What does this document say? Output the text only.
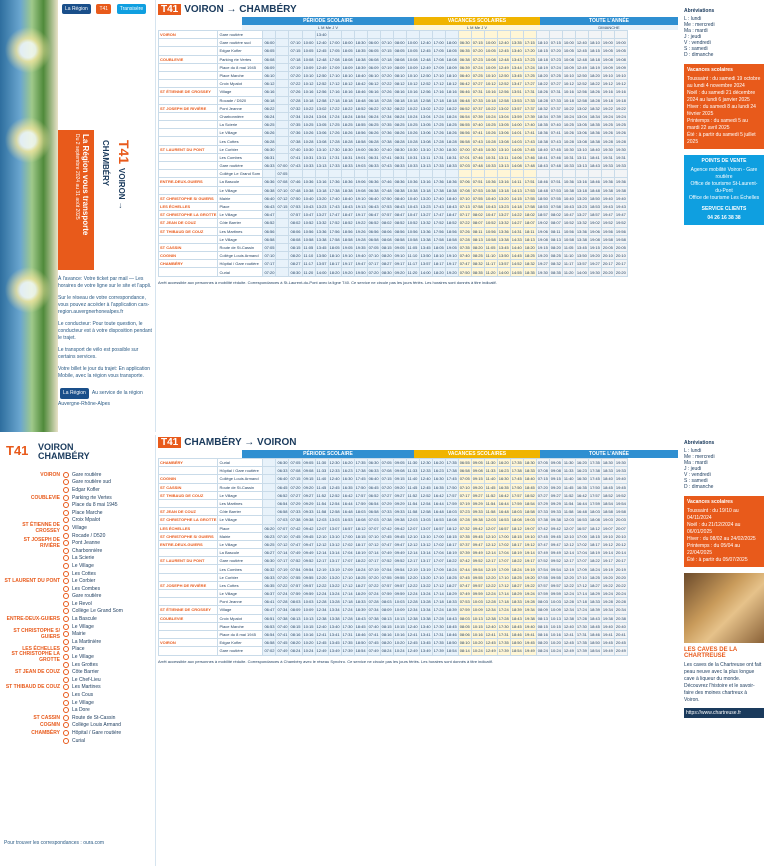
La Région T41 Transisère
La Région vous transporte
Du 2 septembre 2024 au 31 août 2025	T41 VOIRON → CHAMBÉRY

À l'avance: Votre ticket par mail — Les horaires de votre ligne sur le site et l'appli.

Sur le réseau de votre correspondance, vous pouvez accéder à l'application cars-region.auvergnerhonealpes.fr

Le conducteur: Pour toute question, le conducteur est à votre disposition pendant le trajet.

Le transport de vélo est possible sur certains services.

Votre billet le jour du trajet: En application Mobile, avec la région vous transporte.

La Région Au service de la région Auvergne-Rhône-Alpes

T41 VOIRON
CHAMBÉRY
VOIRON	Gare routière
Gare routière sud
Edgar Kofler
COUBLEVIE	Parking rte Vertes
Place du 8 mai 1945
Place Marche
Croix Mpalot
ST ÉTIENNE DE CROSSEY	Village
Rocade / D520
ST JOSEPH DE RIVIÈRE	Pont Jeanne
Charbonnière
La Scierie
Le Village
Les Cottes
ST LAURENT DU PONT	Le Corbier
Les Combes
Gare routière
Le Revol
Collège Le Grand Som
ENTRE-DEUX-GUIERS	La Bascule
Le Village
ST CHRISTOPHE S/ GUIERS	Mairie
La Martinière
LES ÉCHELLES	Place
ST CHRISTOPHE LA GROTTE	Le Village
Les Grottes
ST JEAN DE COUZ	Côte Barrier
Le Chef-Lieu
ST THIBAUD DE COUZ	Les Martines
Les Cous
Le Village
La Dore
ST CASSIN	Route de St-Cassin
COGNIN	Collège Louis Armand
CHAMBÉRY	Hôpital / Gare routière
Curial
Pour trouver les correspondances : oura.com
T41 VOIRON → CHAMBÉRY
PÉRIODE SCOLAIRE	VACANCES SCOLAIRES	TOUTE L'ANNÉE
L M Me J V	L M Me J V	DIMANCHE
VOIRON	Gare routière					13:40																							
	Gare routière sud	06:00		07:10	10:00	12:40	17:00	18:00	18:30	06:00	07:10	08:00	10:00	12:40	17:00	18:00	06:30	07:15	10:00	12:40	13:35	17:15	18:10	07:15	10:00	12:40	18:10	19:00	19:00
	Edgar Kofler	06:05		07:15	10:05	12:45	17:05	18:05	18:35	06:05	07:15	08:05	10:05	12:45	17:05	18:05	06:35	07:20	10:05	12:45	13:40	17:20	18:15	07:20	10:05	12:45	18:15	19:05	19:05
COUBLEVIE	Parking rte Vertes	06:08		07:18	10:08	12:48	17:08	18:08	18:38	06:08	07:18	08:08	10:08	12:48	17:08	18:08	06:38	07:23	10:08	12:48	13:43	17:23	18:18	07:23	10:08	12:48	18:18	19:08	19:08
	Place du 8 mai 1945	06:09		07:19	10:09	12:49	17:09	18:09	18:39	06:09	07:19	08:09	10:09	12:49	17:09	18:09	06:39	07:24	10:09	12:49	13:44	17:24	18:19	07:24	10:09	12:49	18:19	19:09	19:09
	Place Marche	06:10		07:20	10:10	12:50	17:10	18:10	18:40	06:10	07:20	08:10	10:10	12:50	17:10	18:10	06:40	07:25	10:10	12:50	13:45	17:25	18:20	07:25	10:10	12:50	18:20	19:10	19:10
	Croix Mpalot	06:12		07:22	10:12	12:52	17:12	18:12	18:42	06:12	07:22	08:12	10:12	12:52	17:12	18:12	06:42	07:27	10:12	12:52	13:47	17:27	18:22	07:27	10:12	12:52	18:22	19:12	19:12
ST ÉTIENNE DE CROSSEY	Village	06:16		07:26	10:16	12:56	17:16	18:16	18:46	06:16	07:26	08:16	10:16	12:56	17:16	18:16	06:46	07:31	10:16	12:56	13:51	17:31	18:26	07:31	10:16	12:56	18:26	19:16	19:16
	Rocade / D520	06:18		07:28	10:18	12:58	17:18	18:18	18:48	06:18	07:28	08:18	10:18	12:58	17:18	18:18	06:48	07:33	10:18	12:58	13:53	17:33	18:28	07:33	10:18	12:58	18:28	19:18	19:18
ST JOSEPH DE RIVIÈRE	Pont Jeanne	06:22		07:32	10:22	13:02	17:22	18:22	18:52	06:22	07:32	08:22	10:22	13:02	17:22	18:22	06:52	07:37	10:22	13:02	13:57	17:37	18:32	07:37	10:22	13:02	18:32	19:22	19:22
	Charbonnière	06:24		07:34	10:24	13:04	17:24	18:24	18:54	06:24	07:34	08:24	10:24	13:04	17:24	18:24	06:54	07:39	10:24	13:04	13:59	17:39	18:34	07:39	10:24	13:04	18:34	19:24	19:24
	La Scierie	06:25		07:35	10:25	13:05	17:25	18:25	18:55	06:25	07:35	08:25	10:25	13:05	17:25	18:25	06:55	07:40	10:25	13:05	14:00	17:40	18:35	07:40	10:25	13:05	18:35	19:25	19:25
	Le Village	06:26		07:36	10:26	13:06	17:26	18:26	18:56	06:26	07:36	08:26	10:26	13:06	17:26	18:26	06:56	07:41	10:26	13:06	14:01	17:41	18:36	07:41	10:26	13:06	18:36	19:26	19:26
	Les Cottes	06:28		07:38	10:28	13:08	17:28	18:28	18:58	06:28	07:38	08:28	10:28	13:08	17:28	18:28	06:58	07:43	10:28	13:08	14:03	17:43	18:38	07:43	10:28	13:08	18:38	19:28	19:28
ST LAURENT DU PONT	Le Corbier	06:30		07:40	10:30	13:10	17:30	18:30	19:00	06:30	07:40	08:30	10:30	13:10	17:30	18:30	07:00	07:45	10:30	13:10	14:05	17:45	18:40	07:45	10:30	13:10	18:40	19:30	19:30
	Les Combes	06:31		07:41	10:31	13:11	17:31	18:31	19:01	06:31	07:41	08:31	10:31	13:11	17:31	18:31	07:01	07:46	10:31	13:11	14:06	17:46	18:41	07:46	10:31	13:11	18:41	19:31	19:31
	Gare routière	06:33	07:00	07:43	10:33	13:13	17:33	18:33	19:03	06:33	07:43	08:33	10:33	13:13	17:33	18:33	07:03	07:48	10:33	13:13	14:08	17:48	18:43	07:48	10:33	13:13	18:43	19:33	19:33
	Collège Le Grand Som		07:05																										
ENTRE-DEUX-GUIERS	La Bascule	06:36	07:08	07:46	10:36	13:16	17:36	18:36	19:06	06:36	07:46	08:36	10:36	13:16	17:36	18:36	07:06	07:51	10:36	13:16	14:11	17:51	18:46	07:51	10:36	13:16	18:46	19:36	19:36
	Le Village	06:38	07:10	07:48	10:38	13:18	17:38	18:38	19:08	06:38	07:48	08:38	10:38	13:18	17:38	18:38	07:08	07:53	10:38	13:18	14:13	17:53	18:48	07:53	10:38	13:18	18:48	19:38	19:38
ST CHRISTOPHE S/ GUIERS	Mairie	06:40	07:12	07:50	10:40	13:20	17:40	18:40	19:10	06:40	07:50	08:40	10:40	13:20	17:40	18:40	07:10	07:55	10:40	13:20	14:15	17:55	18:50	07:55	10:40	13:20	18:50	19:40	19:40
LES ÉCHELLES	Place	06:43	07:15	07:53	10:43	13:23	17:43	18:43	19:13	06:43	07:53	08:43	10:43	13:23	17:43	18:43	07:13	07:58	10:43	13:23	14:18	17:58	18:53	07:58	10:43	13:23	18:53	19:43	19:43
ST CHRISTOPHE LA GROTTE	Le Village	06:47		07:57	10:47	13:27	17:47	18:47	19:17	06:47	07:57	08:47	10:47	13:27	17:47	18:47	07:17	08:02	10:47	13:27	14:22	18:02	18:57	08:02	10:47	13:27	18:57	19:47	19:47
ST JEAN DE COUZ	Côte Barrier	06:52		08:02	10:52	13:32	17:52	18:52	19:22	06:52	08:02	08:52	10:52	13:32	17:52	18:52	07:22	08:07	10:52	13:32	14:27	18:07	19:02	08:07	10:52	13:32	19:02	19:52	19:52
ST THIBAUD DE COUZ	Les Martines	06:56		08:06	10:56	13:36	17:56	18:56	19:26	06:56	08:06	08:56	10:56	13:36	17:56	18:56	07:26	08:11	10:56	13:36	14:31	18:11	19:06	08:11	10:56	13:36	19:06	19:56	19:56
	Le Village	06:58		08:08	10:58	13:38	17:58	18:58	19:28	06:58	08:08	08:58	10:58	13:38	17:58	18:58	07:28	08:13	10:58	13:38	14:33	18:13	19:08	08:13	10:58	13:38	19:08	19:58	19:58
ST CASSIN	Route de St-Cassin	07:05		08:15	11:05	13:45	18:05	19:05	19:35	07:05	08:15	09:05	11:05	13:45	18:05	19:05	07:35	08:20	11:05	13:45	14:40	18:20	19:15	08:20	11:05	13:45	19:15	20:05	20:05
COGNIN	Collège Louis Armand	07:10		08:20	11:10	13:50	18:10	19:10	19:40	07:10	08:20	09:10	11:10	13:50	18:10	19:10	07:40	08:25	11:10	13:50	14:45	18:25	19:20	08:25	11:10	13:50	19:20	20:10	20:10
CHAMBÉRY	Hôpital / Gare routière	07:17		08:27	11:17	13:57	18:17	19:17	19:47	07:17	08:27	09:17	11:17	13:57	18:17	19:17	07:47	08:32	11:17	13:57	14:52	18:32	19:27	08:32	11:17	13:57	19:27	20:17	20:17
	Curial	07:20		08:30	11:20	14:00	18:20	19:20	19:50	07:20	08:30	09:20	11:20	14:00	18:20	19:20	07:50	08:35	11:20	14:00	14:55	18:35	19:30	08:35	11:20	14:00	19:30	20:20	20:20
Arrêt accessible aux personnes à mobilité réduite. Correspondances à St-Laurent-du-Pont avec la ligne T40. Ce service ne circule pas les jours fériés. Les horaires sont donnés à titre indicatif.
Abréviations
L : lundi
Me : mercredi
Ma : mardi
J : jeudi
V : vendredi
S : samedi
D : dimanche
Vacances scolaires
Toussaint : du samedi 19 octobre au lundi 4 novembre 2024
Noël : du samedi 21 décembre 2024 au lundi 6 janvier 2025
Hiver : du samedi 8 au lundi 24 février 2025
Printemps : du samedi 5 au mardi 22 avril 2025
Été : à partir du samedi 5 juillet 2025
POINTS DE VENTE
Agence mobilité Voiron - Gare routière
Office de tourisme St-Laurent-du-Pont
Office de tourisme Les Échelles
SERVICE CLIENTS
04 26 16 38 38
T41 CHAMBÉRY → VOIRON
PÉRIODE SCOLAIRE	VACANCES SCOLAIRES	TOUTE L'ANNÉE
CHAMBÉRY	Curial		06:30	07:05	09:05	11:30	12:30	16:20	17:35	06:30	07:05	09:05	11:30	12:30	16:20	17:35	06:55	09:05	11:30	16:20	17:35	18:30	07:05	09:05	11:30	16:20	17:35	18:30	19:30
	Hôpital / Gare routière		06:33	07:08	09:08	11:33	12:33	16:23	17:38	06:33	07:08	09:08	11:33	12:33	16:23	17:38	06:58	09:08	11:33	16:23	17:38	18:33	07:08	09:08	11:33	16:23	17:38	18:33	19:33
COGNIN	Collège Louis Armand		06:40	07:15	09:15	11:40	12:40	16:30	17:45	06:40	07:15	09:15	11:40	12:40	16:30	17:45	07:05	09:15	11:40	16:30	17:45	18:40	07:15	09:15	11:40	16:30	17:45	18:40	19:40
ST CASSIN	Route de St-Cassin		06:45	07:20	09:20	11:45	12:45	16:35	17:50	06:45	07:20	09:20	11:45	12:45	16:35	17:50	07:10	09:20	11:45	16:35	17:50	18:45	07:20	09:20	11:45	16:35	17:50	18:45	19:45
ST THIBAUD DE COUZ	Le Village		06:52	07:27	09:27	11:52	12:52	16:42	17:57	06:52	07:27	09:27	11:52	12:52	16:42	17:57	07:17	09:27	11:52	16:42	17:57	18:52	07:27	09:27	11:52	16:42	17:57	18:52	19:52
	Les Martines		06:54	07:29	09:29	11:54	12:54	16:44	17:59	06:54	07:29	09:29	11:54	12:54	16:44	17:59	07:19	09:29	11:54	16:44	17:59	18:54	07:29	09:29	11:54	16:44	17:59	18:54	19:54
ST JEAN DE COUZ	Côte Barrier		06:58	07:33	09:33	11:58	12:58	16:48	18:03	06:58	07:33	09:33	11:58	12:58	16:48	18:03	07:23	09:33	11:58	16:48	18:03	18:58	07:33	09:33	11:58	16:48	18:03	18:58	19:58
ST CHRISTOPHE LA GROTTE	Le Village		07:03	07:38	09:38	12:03	13:03	16:53	18:08	07:03	07:38	09:38	12:03	13:03	16:53	18:08	07:28	09:38	12:03	16:53	18:08	19:03	07:38	09:38	12:03	16:53	18:08	19:03	20:03
LES ÉCHELLES	Place	06:20	07:07	07:42	09:42	12:07	13:07	16:57	18:12	07:07	07:42	09:42	12:07	13:07	16:57	18:12	07:32	09:42	12:07	16:57	18:12	19:07	07:42	09:42	12:07	16:57	18:12	19:07	20:07
ST CHRISTOPHE S/ GUIERS	Mairie	06:23	07:10	07:45	09:45	12:10	13:10	17:00	18:15	07:10	07:45	09:45	12:10	13:10	17:00	18:15	07:35	09:45	12:10	17:00	18:15	19:10	07:45	09:45	12:10	17:00	18:15	19:10	20:10
ENTRE-DEUX-GUIERS	Le Village	06:25	07:12	07:47	09:47	12:12	13:12	17:02	18:17	07:12	07:47	09:47	12:12	13:12	17:02	18:17	07:37	09:47	12:12	17:02	18:17	19:12	07:47	09:47	12:12	17:02	18:17	19:12	20:12
	La Bascule	06:27	07:14	07:49	09:49	12:14	13:14	17:04	18:19	07:14	07:49	09:49	12:14	13:14	17:04	18:19	07:39	09:49	12:14	17:04	18:19	19:14	07:49	09:49	12:14	17:04	18:19	19:14	20:14
ST LAURENT DU PONT	Gare routière	06:30	07:17	07:52	09:52	12:17	13:17	17:07	18:22	07:17	07:52	09:52	12:17	13:17	17:07	18:22	07:42	09:52	12:17	17:07	18:22	19:17	07:52	09:52	12:17	17:07	18:22	19:17	20:17
	Les Combes	06:32	07:19	07:54	09:54	12:19	13:19	17:09	18:24	07:19	07:54	09:54	12:19	13:19	17:09	18:24	07:44	09:54	12:19	17:09	18:24	19:19	07:54	09:54	12:19	17:09	18:24	19:19	20:19
	Le Corbier	06:33	07:20	07:55	09:55	12:20	13:20	17:10	18:25	07:20	07:55	09:55	12:20	13:20	17:10	18:25	07:45	09:55	12:20	17:10	18:25	19:20	07:55	09:55	12:20	17:10	18:25	19:20	20:20
ST JOSEPH DE RIVIÈRE	Les Cottes	06:35	07:22	07:57	09:57	12:22	13:22	17:12	18:27	07:22	07:57	09:57	12:22	13:22	17:12	18:27	07:47	09:57	12:22	17:12	18:27	19:22	07:57	09:57	12:22	17:12	18:27	19:22	20:22
	Le Village	06:37	07:24	07:59	09:59	12:24	13:24	17:14	18:29	07:24	07:59	09:59	12:24	13:24	17:14	18:29	07:49	09:59	12:24	17:14	18:29	19:24	07:59	09:59	12:24	17:14	18:29	19:24	20:24
	Pont Jeanne	06:41	07:28	08:03	10:03	12:28	13:28	17:18	18:33	07:28	08:03	10:03	12:28	13:28	17:18	18:33	07:53	10:03	12:28	17:18	18:33	19:28	08:03	10:03	12:28	17:18	18:33	19:28	20:28
ST ÉTIENNE DE CROSSEY	Village	06:47	07:34	08:09	10:09	12:34	13:34	17:24	18:39	07:34	08:09	10:09	12:34	13:34	17:24	18:39	07:59	10:09	12:34	17:24	18:39	19:34	08:09	10:09	12:34	17:24	18:39	19:34	20:34
COUBLEVIE	Croix Mpalot	06:51	07:38	08:13	10:13	12:38	13:38	17:28	18:43	07:38	08:13	10:13	12:38	13:38	17:28	18:43	08:03	10:13	12:38	17:28	18:43	19:38	08:13	10:13	12:38	17:28	18:43	19:38	20:38
	Place Marche	06:53	07:40	08:15	10:15	12:40	13:40	17:30	18:45	07:40	08:15	10:15	12:40	13:40	17:30	18:45	08:05	10:15	12:40	17:30	18:45	19:40	08:15	10:15	12:40	17:30	18:45	19:40	20:40
	Place du 8 mai 1945	06:54	07:41	08:16	10:16	12:41	13:41	17:31	18:46	07:41	08:16	10:16	12:41	13:41	17:31	18:46	08:06	10:16	12:41	17:31	18:46	19:41	08:16	10:16	12:41	17:31	18:46	19:41	20:41
VOIRON	Edgar Kofler	06:58	07:45	08:20	10:20	12:45	13:45	17:35	18:50	07:45	08:20	10:20	12:45	13:45	17:35	18:50	08:10	10:20	12:45	17:35	18:50	19:45	08:20	10:20	12:45	17:35	18:50	19:45	20:45
	Gare routière	07:02	07:49	08:24	10:24	12:49	13:49	17:39	18:54	07:49	08:24	10:24	12:49	13:49	17:39	18:54	08:14	10:24	12:49	17:39	18:54	19:49	08:24	10:24	12:49	17:39	18:54	19:49	20:49
Arrêt accessible aux personnes à mobilité réduite. Correspondances à Chambéry avec le réseau Synchro. Ce service ne circule pas les jours fériés. Les horaires sont donnés à titre indicatif.
Abréviations
L : lundi
Me : mercredi
Ma : mardi
J : jeudi
V : vendredi
S : samedi
D : dimanche
Vacances scolaires
Toussaint : du 19/10 au 04/11/2024
Noël : du 21/12/2024 au 06/01/2025
Hiver : du 08/02 au 24/02/2025
Printemps : du 05/04 au 22/04/2025
Été : à partir du 05/07/2025
LES CAVES DE LA CHARTREUSE
Les caves de la Chartreuse ont fait peau neuve avec la plus longue cave à liqueur du monde. Découvrez l'histoire et le savoir-faire des moines chartreux à Voiron.
https://www.chartreuse.fr
